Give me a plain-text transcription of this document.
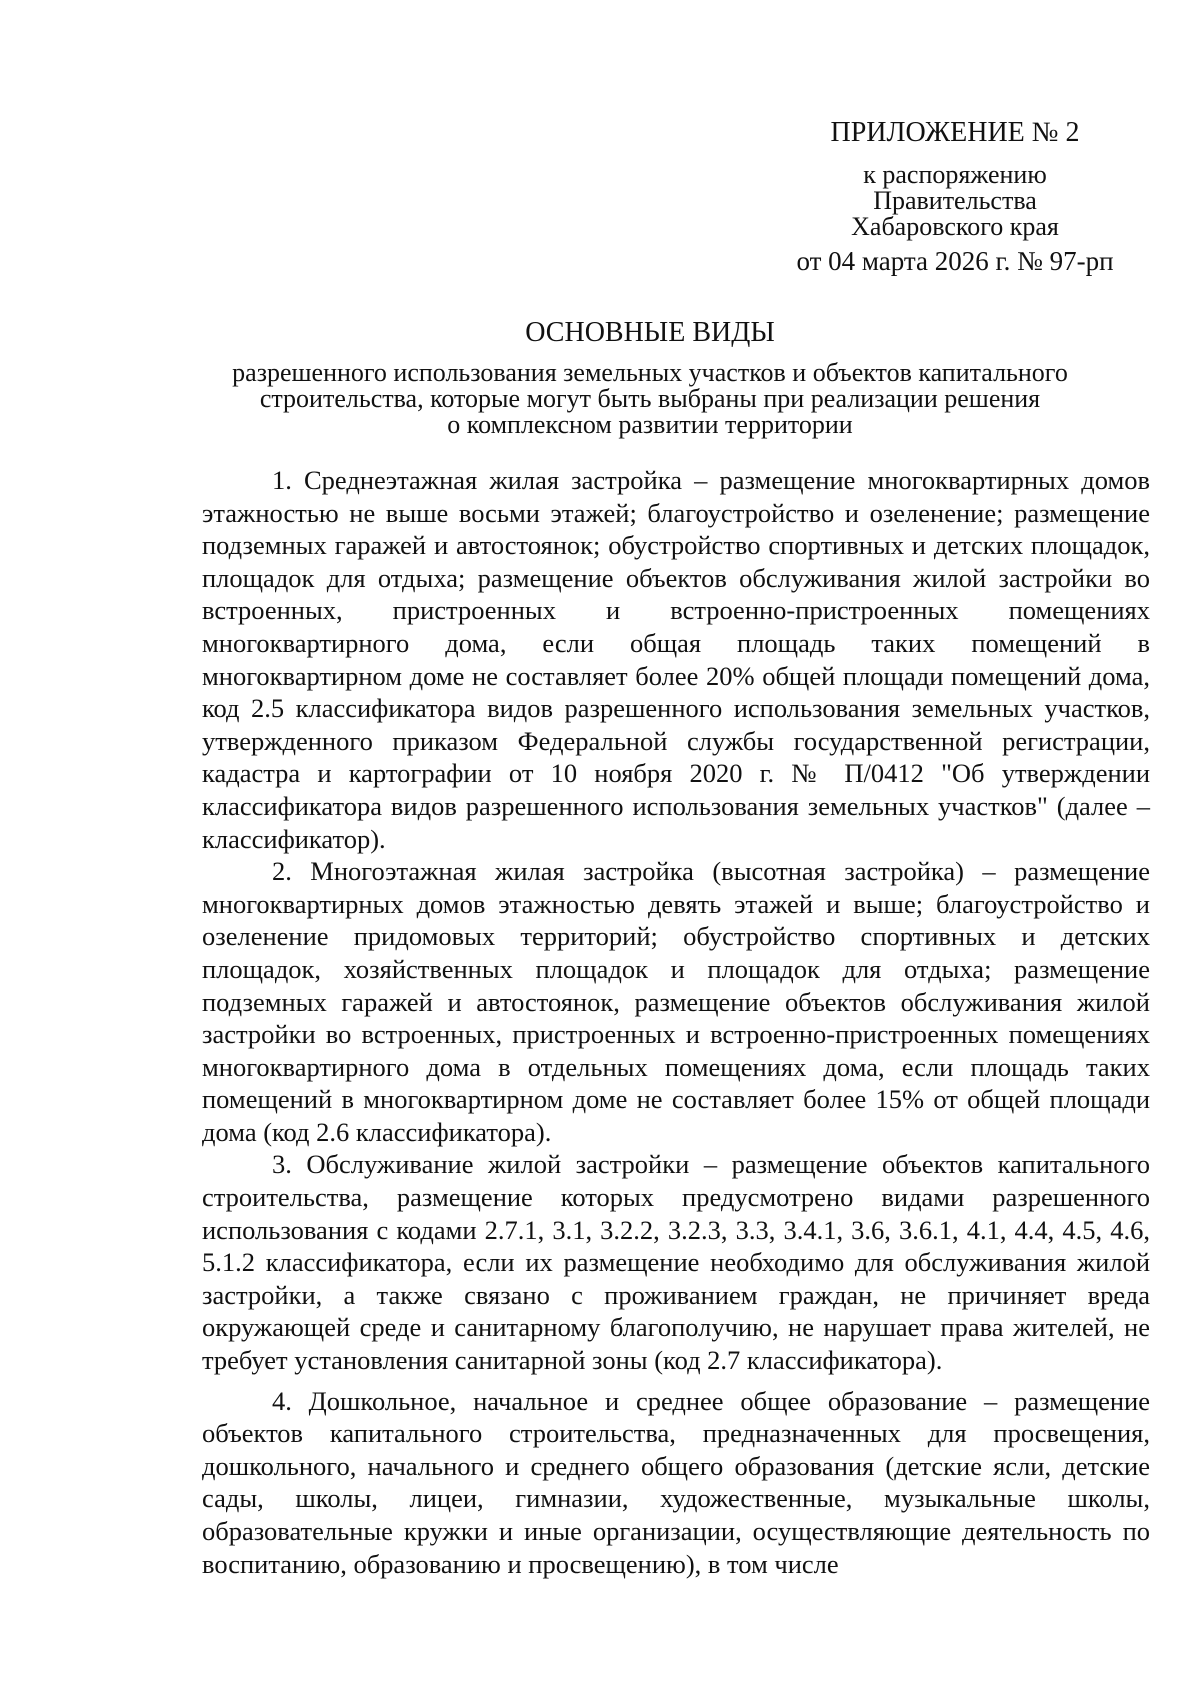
ПРИЛОЖЕНИЕ № 2
к распоряжению
Правительства
Хабаровского края
от 04 марта 2026 г. № 97-рп
ОСНОВНЫЕ ВИДЫ
разрешенного использования земельных участков и объектов капитального
строительства, которые могут быть выбраны при реализации решения
о комплексном развитии территории

1. Среднеэтажная жилая застройка – размещение многоквартирных домов этажностью не выше восьми этажей; благоустройство и озеленение; размещение подземных гаражей и автостоянок; обустройство спортивных и детских площадок, площадок для отдыха; размещение объектов обслуживания жилой застройки во встроенных, пристроенных и встроенно-пристроенных помещениях многоквартирного дома, если общая площадь таких помещений в многоквартирном доме не составляет более 20% общей площади помещений дома, код 2.5 классификатора видов разрешенного использования земельных участков, утвержденного приказом Федеральной службы государственной регистрации, кадастра и картографии от 10 ноября 2020 г. № П/0412 "Об утверждении классификатора видов разрешенного использования земельных участков" (далее – классификатор).

2. Многоэтажная жилая застройка (высотная застройка) – размещение многоквартирных домов этажностью девять этажей и выше; благоустройство и озеленение придомовых территорий; обустройство спортивных и детских площадок, хозяйственных площадок и площадок для отдыха; размещение подземных гаражей и автостоянок, размещение объектов обслуживания жилой застройки во встроенных, пристроенных и встроенно-пристроенных помещениях многоквартирного дома в отдельных помещениях дома, если площадь таких помещений в многоквартирном доме не составляет более 15% от общей площади дома (код 2.6 классификатора).

3. Обслуживание жилой застройки – размещение объектов капитального строительства, размещение которых предусмотрено видами разрешенного использования с кодами 2.7.1, 3.1, 3.2.2, 3.2.3, 3.3, 3.4.1, 3.6, 3.6.1, 4.1, 4.4, 4.5, 4.6, 5.1.2 классификатора, если их размещение необходимо для обслуживания жилой застройки, а также связано с проживанием граждан, не причиняет вреда окружающей среде и санитарному благополучию, не нарушает права жителей, не требует установления санитарной зоны (код 2.7 классификатора).

4. Дошкольное, начальное и среднее общее образование – размещение объектов капитального строительства, предназначенных для просвещения, дошкольного, начального и среднего общего образования (детские ясли, детские сады, школы, лицеи, гимназии, художественные, музыкальные школы, образовательные кружки и иные организации, осуществляющие деятельность по воспитанию, образованию и просвещению), в том числе
